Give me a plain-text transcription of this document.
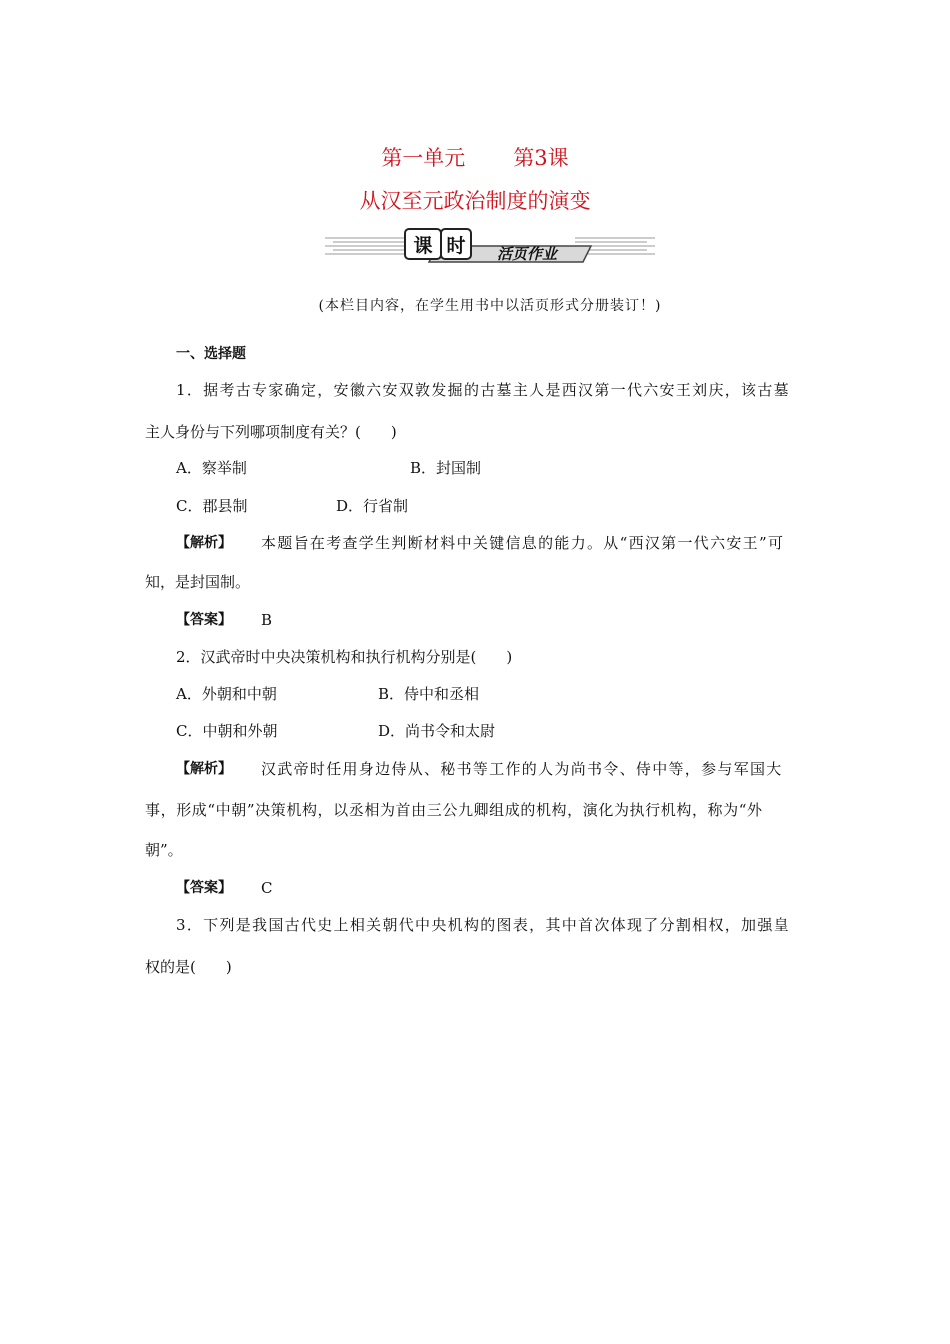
第一单元 第3课
从汉至元政治制度的演变
课 时 活页作业
(本栏目内容，在学生用书中以活页形式分册装订！)
一、选择题
1．据考古专家确定，安徽六安双敦发掘的古墓主人是西汉第一代六安王刘庆，该古墓
主人身份与下列哪项制度有关？(　　)
A．察举制	B．封国制
C．郡县制	D．行省制
【解析】 本题旨在考查学生判断材料中关键信息的能力。从“西汉第一代六安王”可
知，是封国制。
【答案】 B
2．汉武帝时中央决策机构和执行机构分别是(　　)
A．外朝和中朝	B．侍中和丞相
C．中朝和外朝	D．尚书令和太尉
【解析】 汉武帝时任用身边侍从、秘书等工作的人为尚书令、侍中等，参与军国大
事，形成“中朝”决策机构，以丞相为首由三公九卿组成的机构，演化为执行机构，称为“外
朝”。
【答案】 C
3．下列是我国古代史上相关朝代中央机构的图表，其中首次体现了分割相权，加强皇
权的是(　　)
